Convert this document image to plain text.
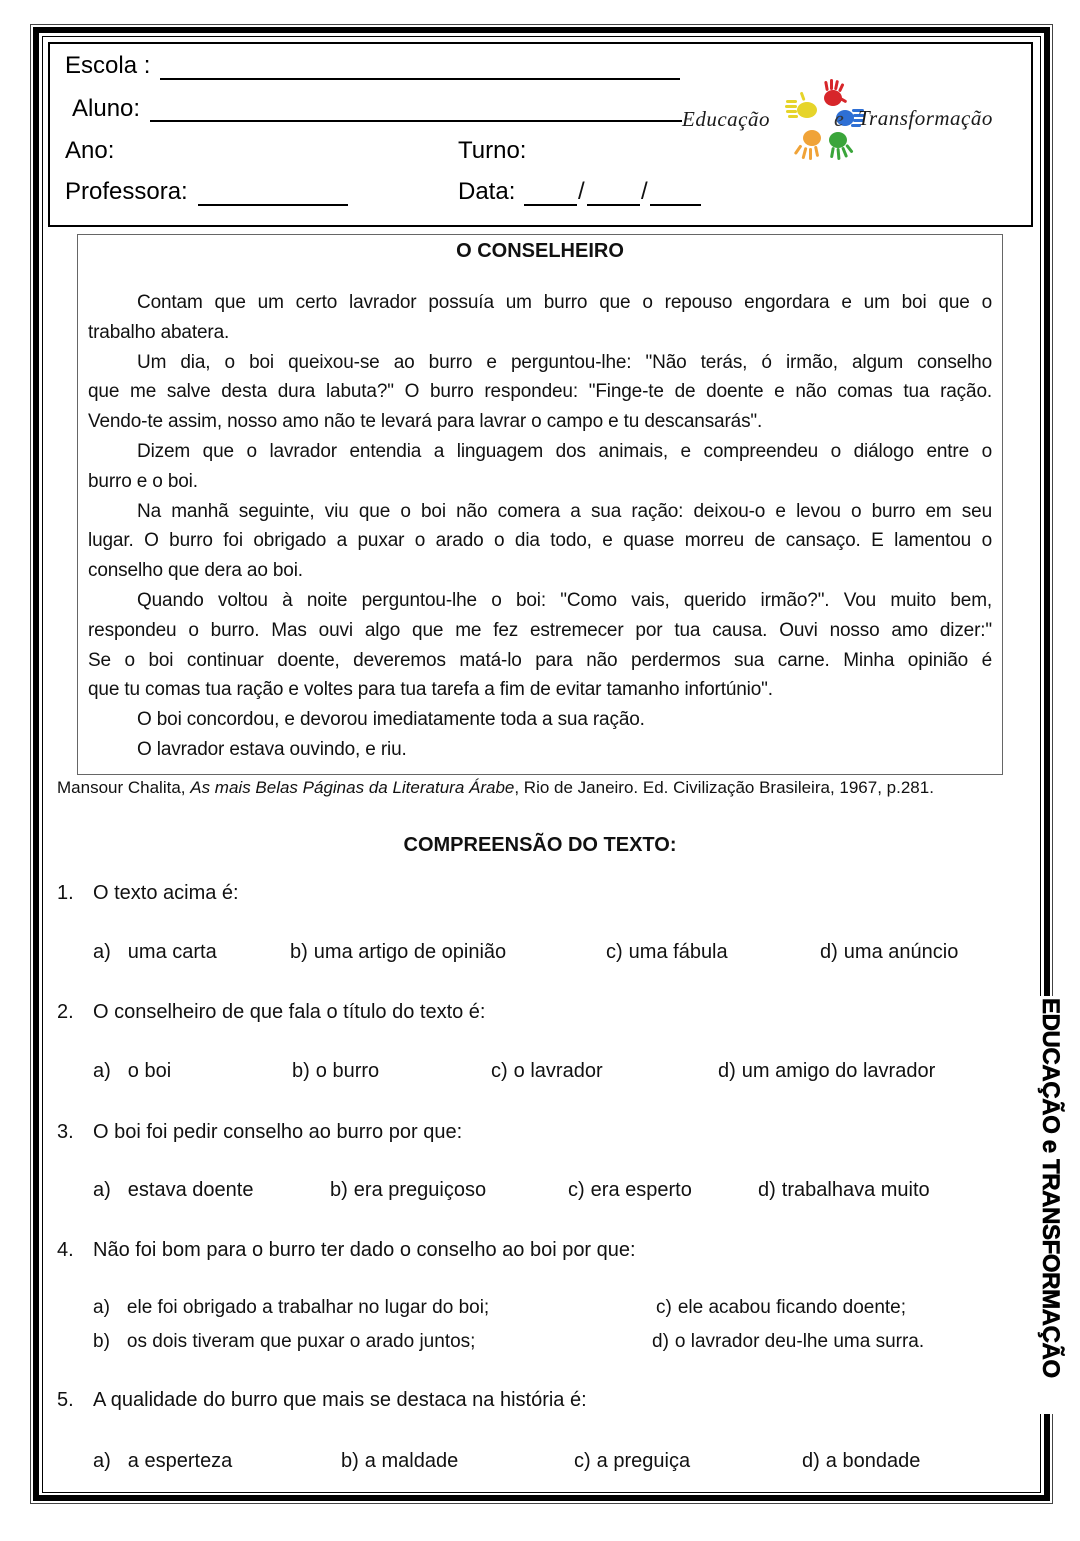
Escola :
Aluno:
Ano:	Turno:
Professora:	Data:	/ /
Educação	e Transformação
O CONSELHEIRO
Contam que um certo lavrador possuía um burro que o repouso engordara e um boi que o
trabalho abatera.
Um dia, o boi queixou-se ao burro e perguntou-lhe: "Não terás, ó irmão, algum conselho
que me salve desta dura labuta?" O burro respondeu: "Finge-te de doente e não comas tua ração.
Vendo-te assim, nosso amo não te levará para lavrar o campo e tu descansarás".
Dizem que o lavrador entendia a linguagem dos animais, e compreendeu o diálogo entre o
burro e o boi.
Na manhã seguinte, viu que o boi não comera a sua ração: deixou-o e levou o burro em seu
lugar. O burro foi obrigado a puxar o arado o dia todo, e quase morreu de cansaço. E lamentou o
conselho que dera ao boi.
Quando voltou à noite perguntou-lhe o boi: "Como vais, querido irmão?". Vou muito bem,
respondeu o burro. Mas ouvi algo que me fez estremecer por tua causa. Ouvi nosso amo dizer:"
Se o boi continuar doente, deveremos matá-lo para não perdermos sua carne. Minha opinião é
que tu comas tua ração e voltes para tua tarefa a fim de evitar tamanho infortúnio".
O boi concordou, e devorou imediatamente toda a sua ração.
O lavrador estava ouvindo, e riu.
Mansour Chalita, As mais Belas Páginas da Literatura Árabe, Rio de Janeiro. Ed. Civilização Brasileira, 1967, p.281.
COMPREENSÃO DO TEXTO:
1. O texto acima é:
a) uma carta	b) uma artigo de opinião	c) uma fábula	d) uma anúncio
2. O conselheiro de que fala o título do texto é:
a) o boi	b) o burro	c) o lavrador	d) um amigo do lavrador
3. O boi foi pedir conselho ao burro por que:
a) estava doente	b) era preguiçoso	c) era esperto	d) trabalhava muito
4. Não foi bom para o burro ter dado o conselho ao boi por que:
a) ele foi obrigado a trabalhar no lugar do boi;
b) os dois tiveram que puxar o arado juntos;
c) ele acabou ficando doente;
d) o lavrador deu-lhe uma surra.
5. A qualidade do burro que mais se destaca na história é:
a) a esperteza	b) a maldade	c) a preguiça	d) a bondade
EDUCAÇÃO e TRANSFORMAÇÃO
